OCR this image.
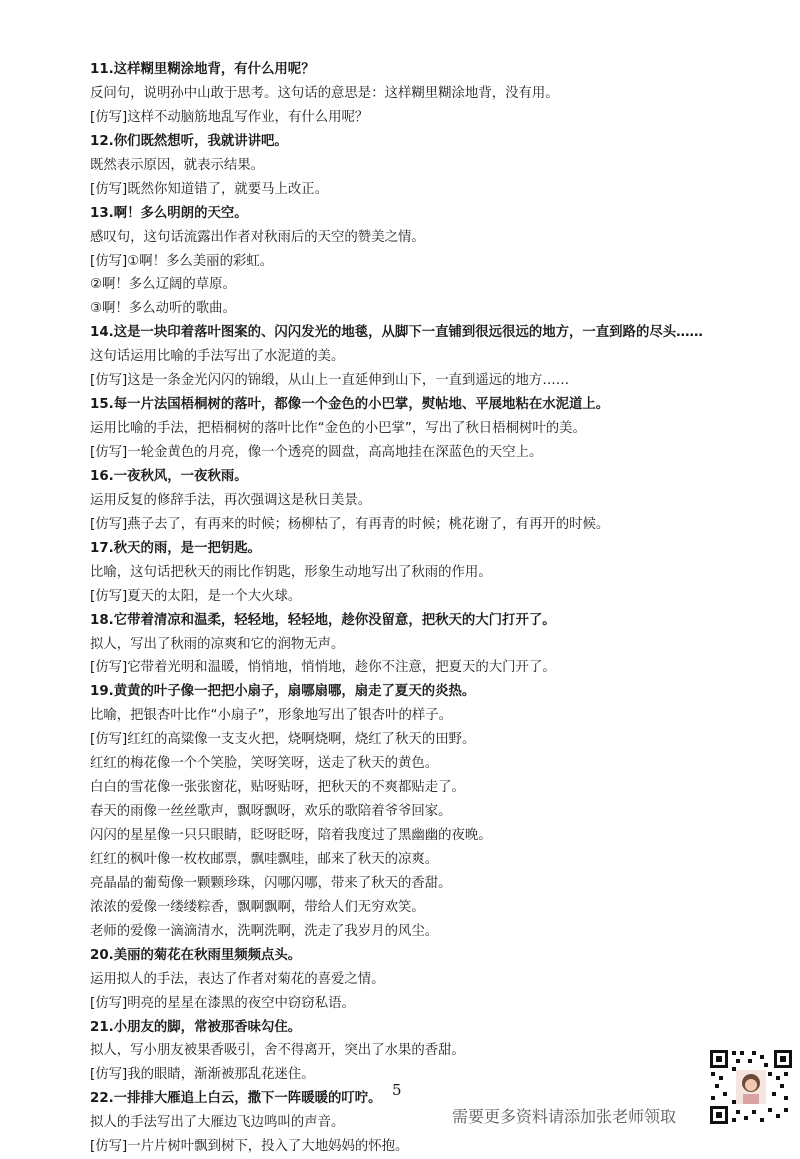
11.这样糊里糊涂地背，有什么用呢？
反问句，说明孙中山敢于思考。这句话的意思是：这样糊里糊涂地背，没有用。
[仿写]这样不动脑筋地乱写作业，有什么用呢？
12.你们既然想听，我就讲讲吧。
既然表示原因，就表示结果。
[仿写]既然你知道错了，就要马上改正。
13.啊！多么明朗的天空。
感叹句，这句话流露出作者对秋雨后的天空的赞美之情。
[仿写]①啊！多么美丽的彩虹。
②啊！多么辽阔的草原。
③啊！多么动听的歌曲。
14.这是一块印着落叶图案的、闪闪发光的地毯，从脚下一直铺到很远很远的地方，一直到路的尽头……
这句话运用比喻的手法写出了水泥道的美。
[仿写]这是一条金光闪闪的锦缎，从山上一直延伸到山下，一直到遥远的地方……
15.每一片法国梧桐树的落叶，都像一个金色的小巴掌，熨帖地、平展地粘在水泥道上。
运用比喻的手法，把梧桐树的落叶比作“金色的小巴掌”，写出了秋日梧桐树叶的美。
[仿写]一轮金黄色的月亮，像一个透亮的圆盘，高高地挂在深蓝色的天空上。
16.一夜秋风，一夜秋雨。
运用反复的修辞手法，再次强调这是秋日美景。
[仿写]燕子去了，有再来的时候；杨柳枯了，有再青的时候；桃花谢了，有再开的时候。
17.秋天的雨，是一把钥匙。
比喻，这句话把秋天的雨比作钥匙，形象生动地写出了秋雨的作用。
[仿写]夏天的太阳，是一个大火球。
18.它带着清凉和温柔，轻轻地，轻轻地，趁你没留意，把秋天的大门打开了。
拟人，写出了秋雨的凉爽和它的润物无声。
[仿写]它带着光明和温暖，悄悄地，悄悄地，趁你不注意，把夏天的大门开了。
19.黄黄的叶子像一把把小扇子，扇哪扇哪，扇走了夏天的炎热。
比喻，把银杏叶比作“小扇子”，形象地写出了银杏叶的样子。
[仿写]红红的高粱像一支支火把，烧啊烧啊，烧红了秋天的田野。
红红的梅花像一个个笑脸，笑呀笑呀，送走了秋天的黄色。
白白的雪花像一张张窗花，贴呀贴呀，把秋天的不爽都贴走了。
春天的雨像一丝丝歌声，飘呀飘呀，欢乐的歌陪着爷爷回家。
闪闪的星星像一只只眼睛，眨呀眨呀，陪着我度过了黑幽幽的夜晚。
红红的枫叶像一枚枚邮票，飘哇飘哇，邮来了秋天的凉爽。
亮晶晶的葡萄像一颗颗珍珠，闪哪闪哪，带来了秋天的香甜。
浓浓的爱像一缕缕粽香，飘啊飘啊，带给人们无穷欢笑。
老师的爱像一滴滴清水，洗啊洗啊，洗走了我岁月的风尘。
20.美丽的菊花在秋雨里频频点头。
运用拟人的手法，表达了作者对菊花的喜爱之情。
[仿写]明亮的星星在漆黑的夜空中窃窃私语。
21.小朋友的脚，常被那香味勾住。
拟人，写小朋友被果香吸引，舍不得离开，突出了水果的香甜。
[仿写]我的眼睛，渐渐被那乱花迷住。
22.一排排大雁追上白云，撒下一阵暖暖的叮咛。
拟人的手法写出了大雁边飞边鸣叫的声音。
[仿写]一片片树叶飘到树下，投入了大地妈妈的怀抱。
5
需要更多资料请添加张老师领取
